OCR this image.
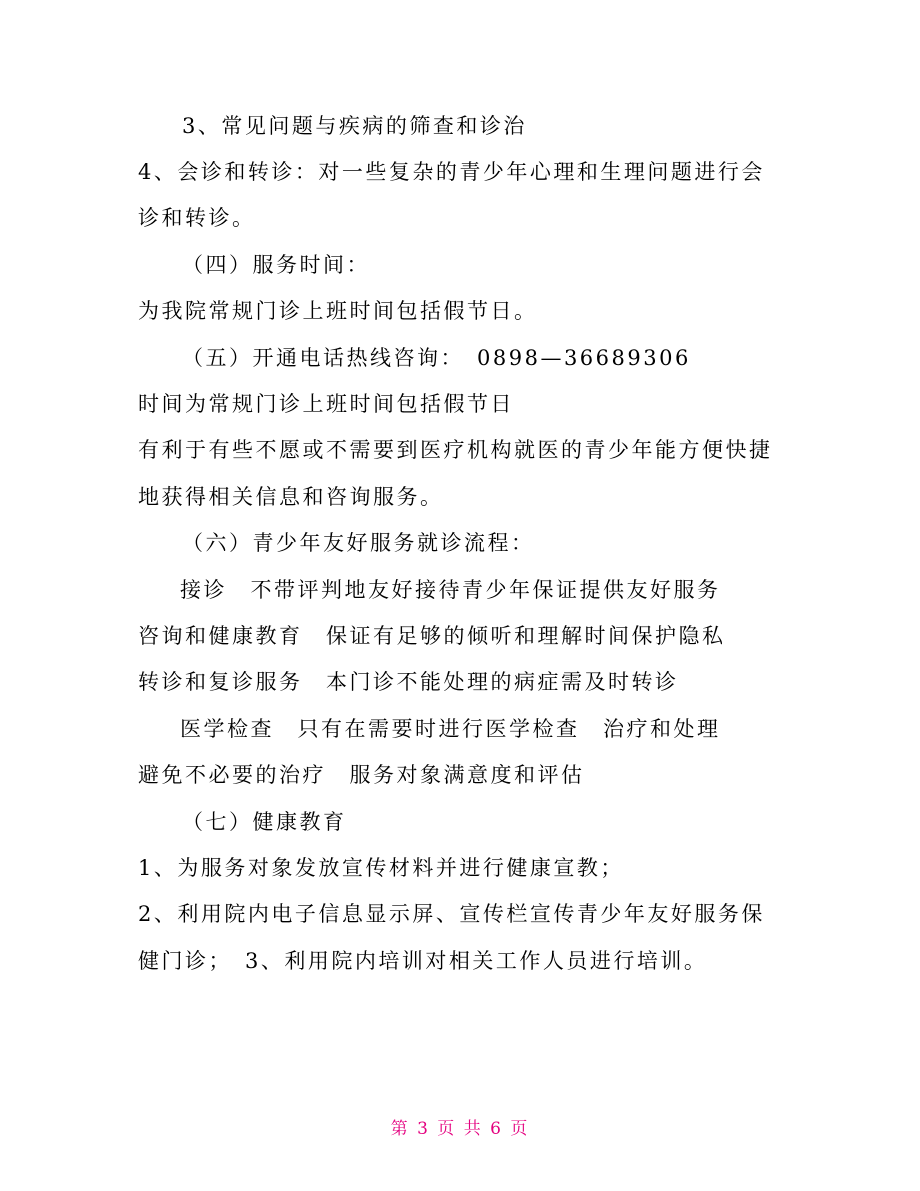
3、常见问题与疾病的筛查和诊治
4、会诊和转诊：对一些复杂的青少年心理和生理问题进行会
诊和转诊。
（四）服务时间：
为我院常规门诊上班时间包括假节日。
（五）开通电话热线咨询：　0898—36689306
时间为常规门诊上班时间包括假节日
有利于有些不愿或不需要到医疗机构就医的青少年能方便快捷
地获得相关信息和咨询服务。
（六）青少年友好服务就诊流程：
接诊　不带评判地友好接待青少年保证提供友好服务
咨询和健康教育　保证有足够的倾听和理解时间保护隐私
转诊和复诊服务　本门诊不能处理的病症需及时转诊
医学检查　只有在需要时进行医学检查　治疗和处理
避免不必要的治疗　服务对象满意度和评估
（七）健康教育
1、为服务对象发放宣传材料并进行健康宣教；
2、利用院内电子信息显示屏、宣传栏宣传青少年友好服务保
健门诊；　3、利用院内培训对相关工作人员进行培训。
第 3 页 共 6 页
